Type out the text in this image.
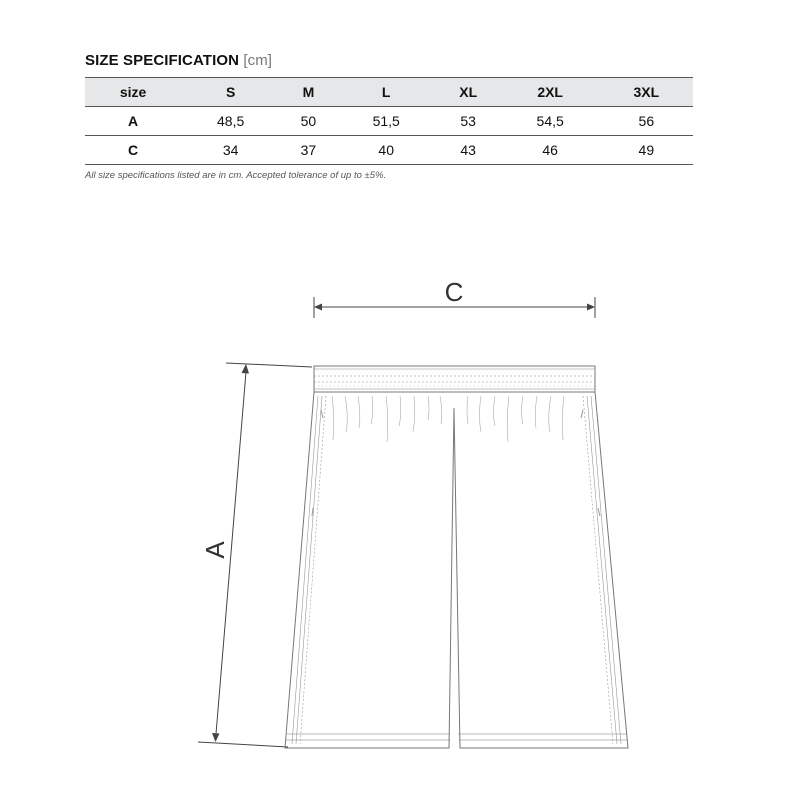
SIZE SPECIFICATION [cm]
size	S	M	L	XL	2XL	3XL
A	48,5	50	51,5	53	54,5	56
C	34	37	40	43	46	49
All size specifications listed are in cm. Accepted tolerance of up to ±5%.
C
A
